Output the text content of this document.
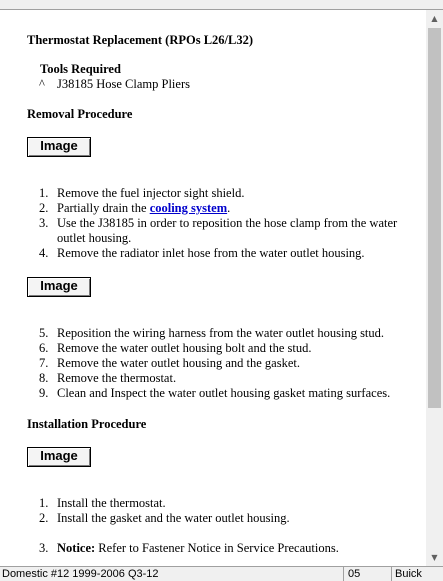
Thermostat Replacement (RPOs L26/L32)
Tools Required
^ J38185 Hose Clamp Pliers
Removal Procedure
Image
1. Remove the fuel injector sight shield.
2. Partially drain the cooling system.
3. Use the J38185 in order to reposition the hose clamp from the water outlet housing.
4. Remove the radiator inlet hose from the water outlet housing.
Image
5. Reposition the wiring harness from the water outlet housing stud.
6. Remove the water outlet housing bolt and the stud.
7. Remove the water outlet housing and the gasket.
8. Remove the thermostat.
9. Clean and Inspect the water outlet housing gasket mating surfaces.
Installation Procedure
Image
1. Install the thermostat.
2. Install the gasket and the water outlet housing.
3. Notice: Refer to Fastener Notice in Service Precautions.
▲
▼
Domestic #12 1999-2006 Q3-12	05	Buick
